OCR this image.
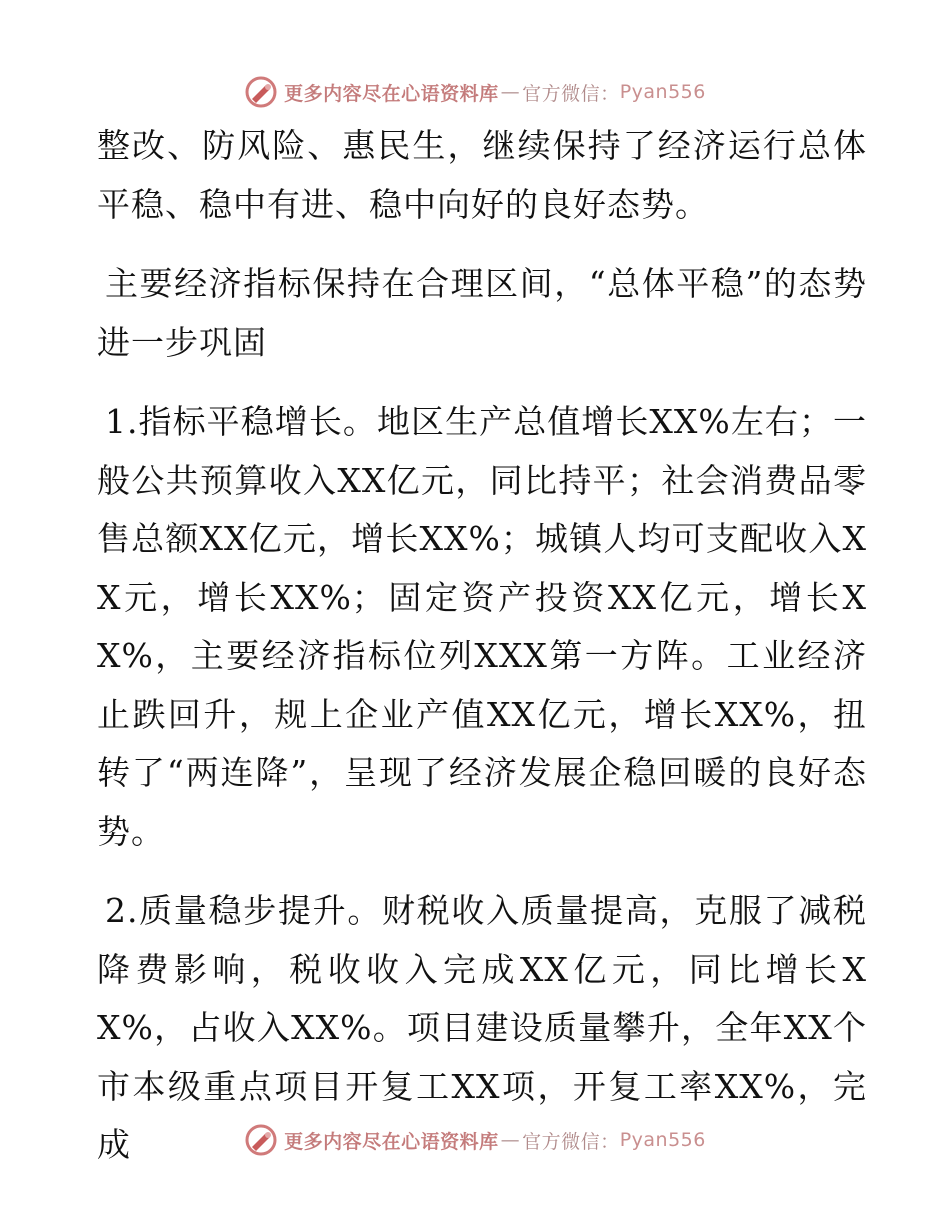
更多内容尽在心语资料库 — 官方微信： Pyan556

整改、防风险、惠民生，继续保持了经济运行总体平稳、稳中有进、稳中向好的良好态势。

主要经济指标保持在合理区间，“总体平稳”的态势进一步巩固

1.指标平稳增长。地区生产总值增长XX%左右；一般公共预算收入XX亿元，同比持平；社会消费品零售总额XX亿元，增长XX%；城镇人均可支配收入XX元，增长XX%；固定资产投资XX亿元，增长XX%，主要经济指标位列XXX第一方阵。工业经济止跌回升，规上企业产值XX亿元，增长XX%，扭转了“两连降”，呈现了经济发展企稳回暖的良好态势。

2.质量稳步提升。财税收入质量提高，克服了减税降费影响，税收收入完成XX亿元，同比增长XX%，占收入XX%。项目建设质量攀升，全年XX个市本级重点项目开复工XX项，开复工率XX%，完成	更多内容尽在心语资料库 — 官方微信： Pyan556
